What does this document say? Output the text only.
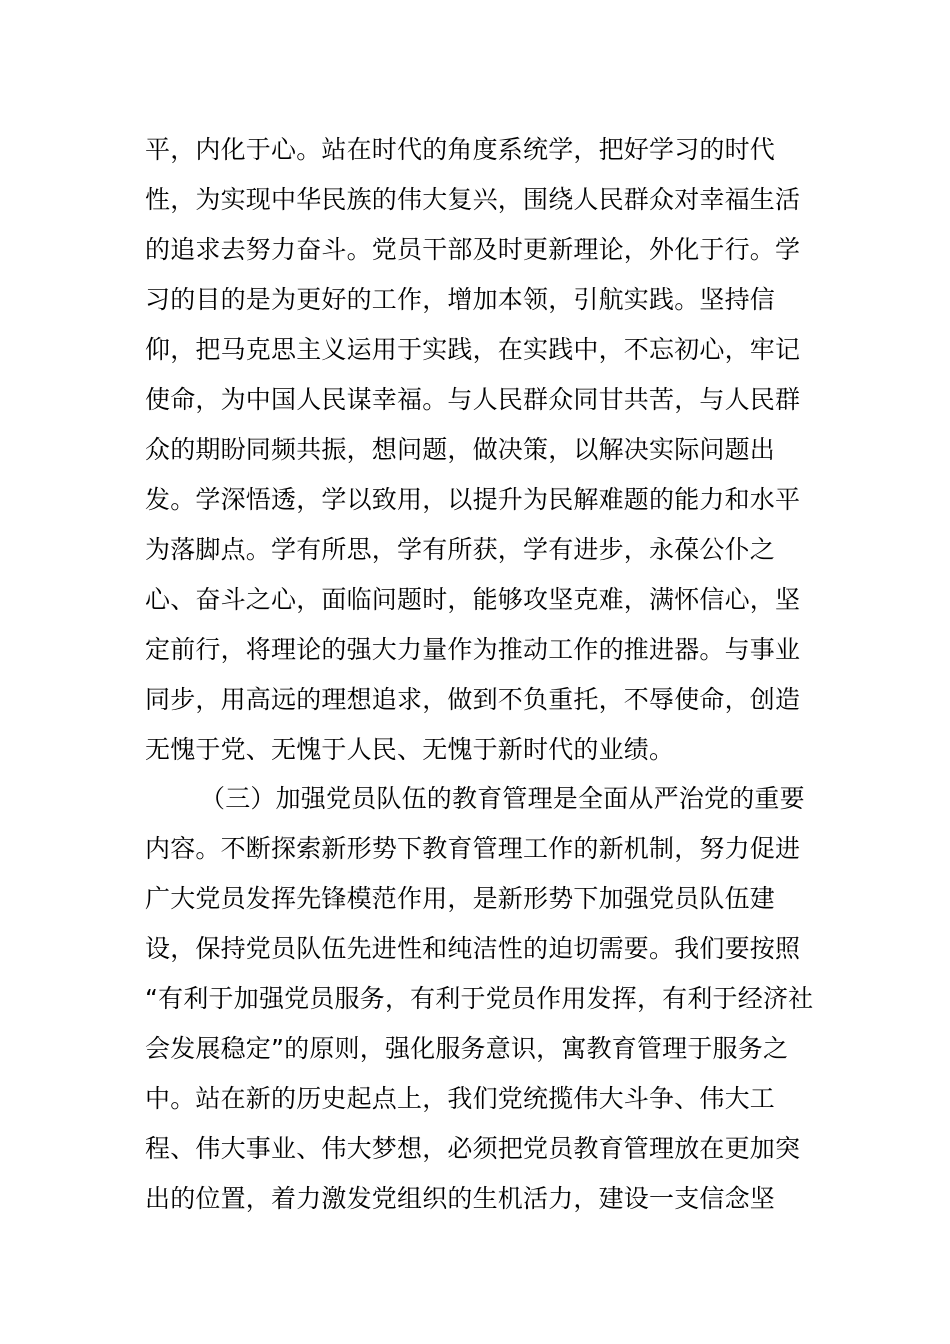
平，内化于心。站在时代的角度系统学，把好学习的时代
性，为实现中华民族的伟大复兴，围绕人民群众对幸福生活
的追求去努力奋斗。党员干部及时更新理论，外化于行。学
习的目的是为更好的工作，增加本领，引航实践。坚持信
仰，把马克思主义运用于实践，在实践中，不忘初心，牢记
使命，为中国人民谋幸福。与人民群众同甘共苦，与人民群
众的期盼同频共振，想问题，做决策，以解决实际问题出
发。学深悟透，学以致用，以提升为民解难题的能力和水平
为落脚点。学有所思，学有所获，学有进步，永葆公仆之
心、奋斗之心，面临问题时，能够攻坚克难，满怀信心，坚
定前行，将理论的强大力量作为推动工作的推进器。与事业
同步，用高远的理想追求，做到不负重托，不辱使命，创造
无愧于党、无愧于人民、无愧于新时代的业绩。
（三）加强党员队伍的教育管理是全面从严治党的重要
内容。不断探索新形势下教育管理工作的新机制，努力促进
广大党员发挥先锋模范作用，是新形势下加强党员队伍建
设，保持党员队伍先进性和纯洁性的迫切需要。我们要按照
“有利于加强党员服务，有利于党员作用发挥，有利于经济社
会发展稳定”的原则，强化服务意识，寓教育管理于服务之
中。站在新的历史起点上，我们党统揽伟大斗争、伟大工
程、伟大事业、伟大梦想，必须把党员教育管理放在更加突
出的位置，着力激发党组织的生机活力，建设一支信念坚
